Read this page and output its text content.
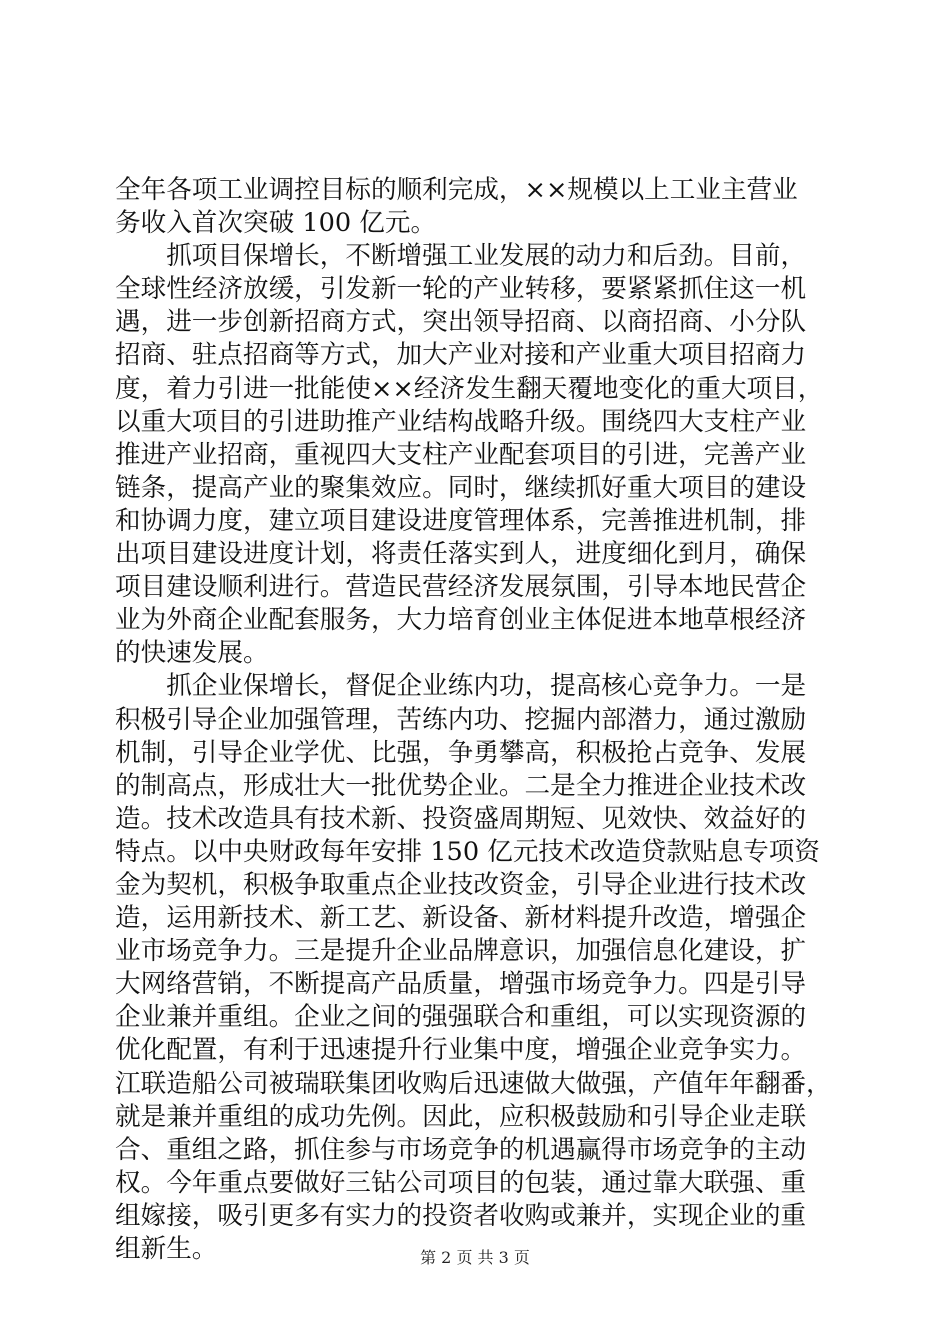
全年各项工业调控目标的顺利完成，××规模以上工业主营业
务收入首次突破 100 亿元。
　　抓项目保增长，不断增强工业发展的动力和后劲。目前，
全球性经济放缓，引发新一轮的产业转移，要紧紧抓住这一机
遇，进一步创新招商方式，突出领导招商、以商招商、小分队
招商、驻点招商等方式，加大产业对接和产业重大项目招商力
度，着力引进一批能使××经济发生翻天覆地变化的重大项目，
以重大项目的引进助推产业结构战略升级。围绕四大支柱产业
推进产业招商，重视四大支柱产业配套项目的引进，完善产业
链条，提高产业的聚集效应。同时，继续抓好重大项目的建设
和协调力度，建立项目建设进度管理体系，完善推进机制，排
出项目建设进度计划，将责任落实到人，进度细化到月，确保
项目建设顺利进行。营造民营经济发展氛围，引导本地民营企
业为外商企业配套服务，大力培育创业主体促进本地草根经济
的快速发展。
　　抓企业保增长，督促企业练内功，提高核心竞争力。一是
积极引导企业加强管理，苦练内功、挖掘内部潜力，通过激励
机制，引导企业学优、比强，争勇攀高，积极抢占竞争、发展
的制高点，形成壮大一批优势企业。二是全力推进企业技术改
造。技术改造具有技术新、投资盛周期短、见效快、效益好的
特点。以中央财政每年安排 150 亿元技术改造贷款贴息专项资
金为契机，积极争取重点企业技改资金，引导企业进行技术改
造，运用新技术、新工艺、新设备、新材料提升改造，增强企
业市场竞争力。三是提升企业品牌意识，加强信息化建设，扩
大网络营销，不断提高产品质量，增强市场竞争力。四是引导
企业兼并重组。企业之间的强强联合和重组，可以实现资源的
优化配置，有利于迅速提升行业集中度，增强企业竞争实力。
江联造船公司被瑞联集团收购后迅速做大做强，产值年年翻番，
就是兼并重组的成功先例。因此，应积极鼓励和引导企业走联
合、重组之路，抓住参与市场竞争的机遇赢得市场竞争的主动
权。今年重点要做好三钻公司项目的包装，通过靠大联强、重
组嫁接，吸引更多有实力的投资者收购或兼并，实现企业的重
组新生。	第 2 页 共 3 页
